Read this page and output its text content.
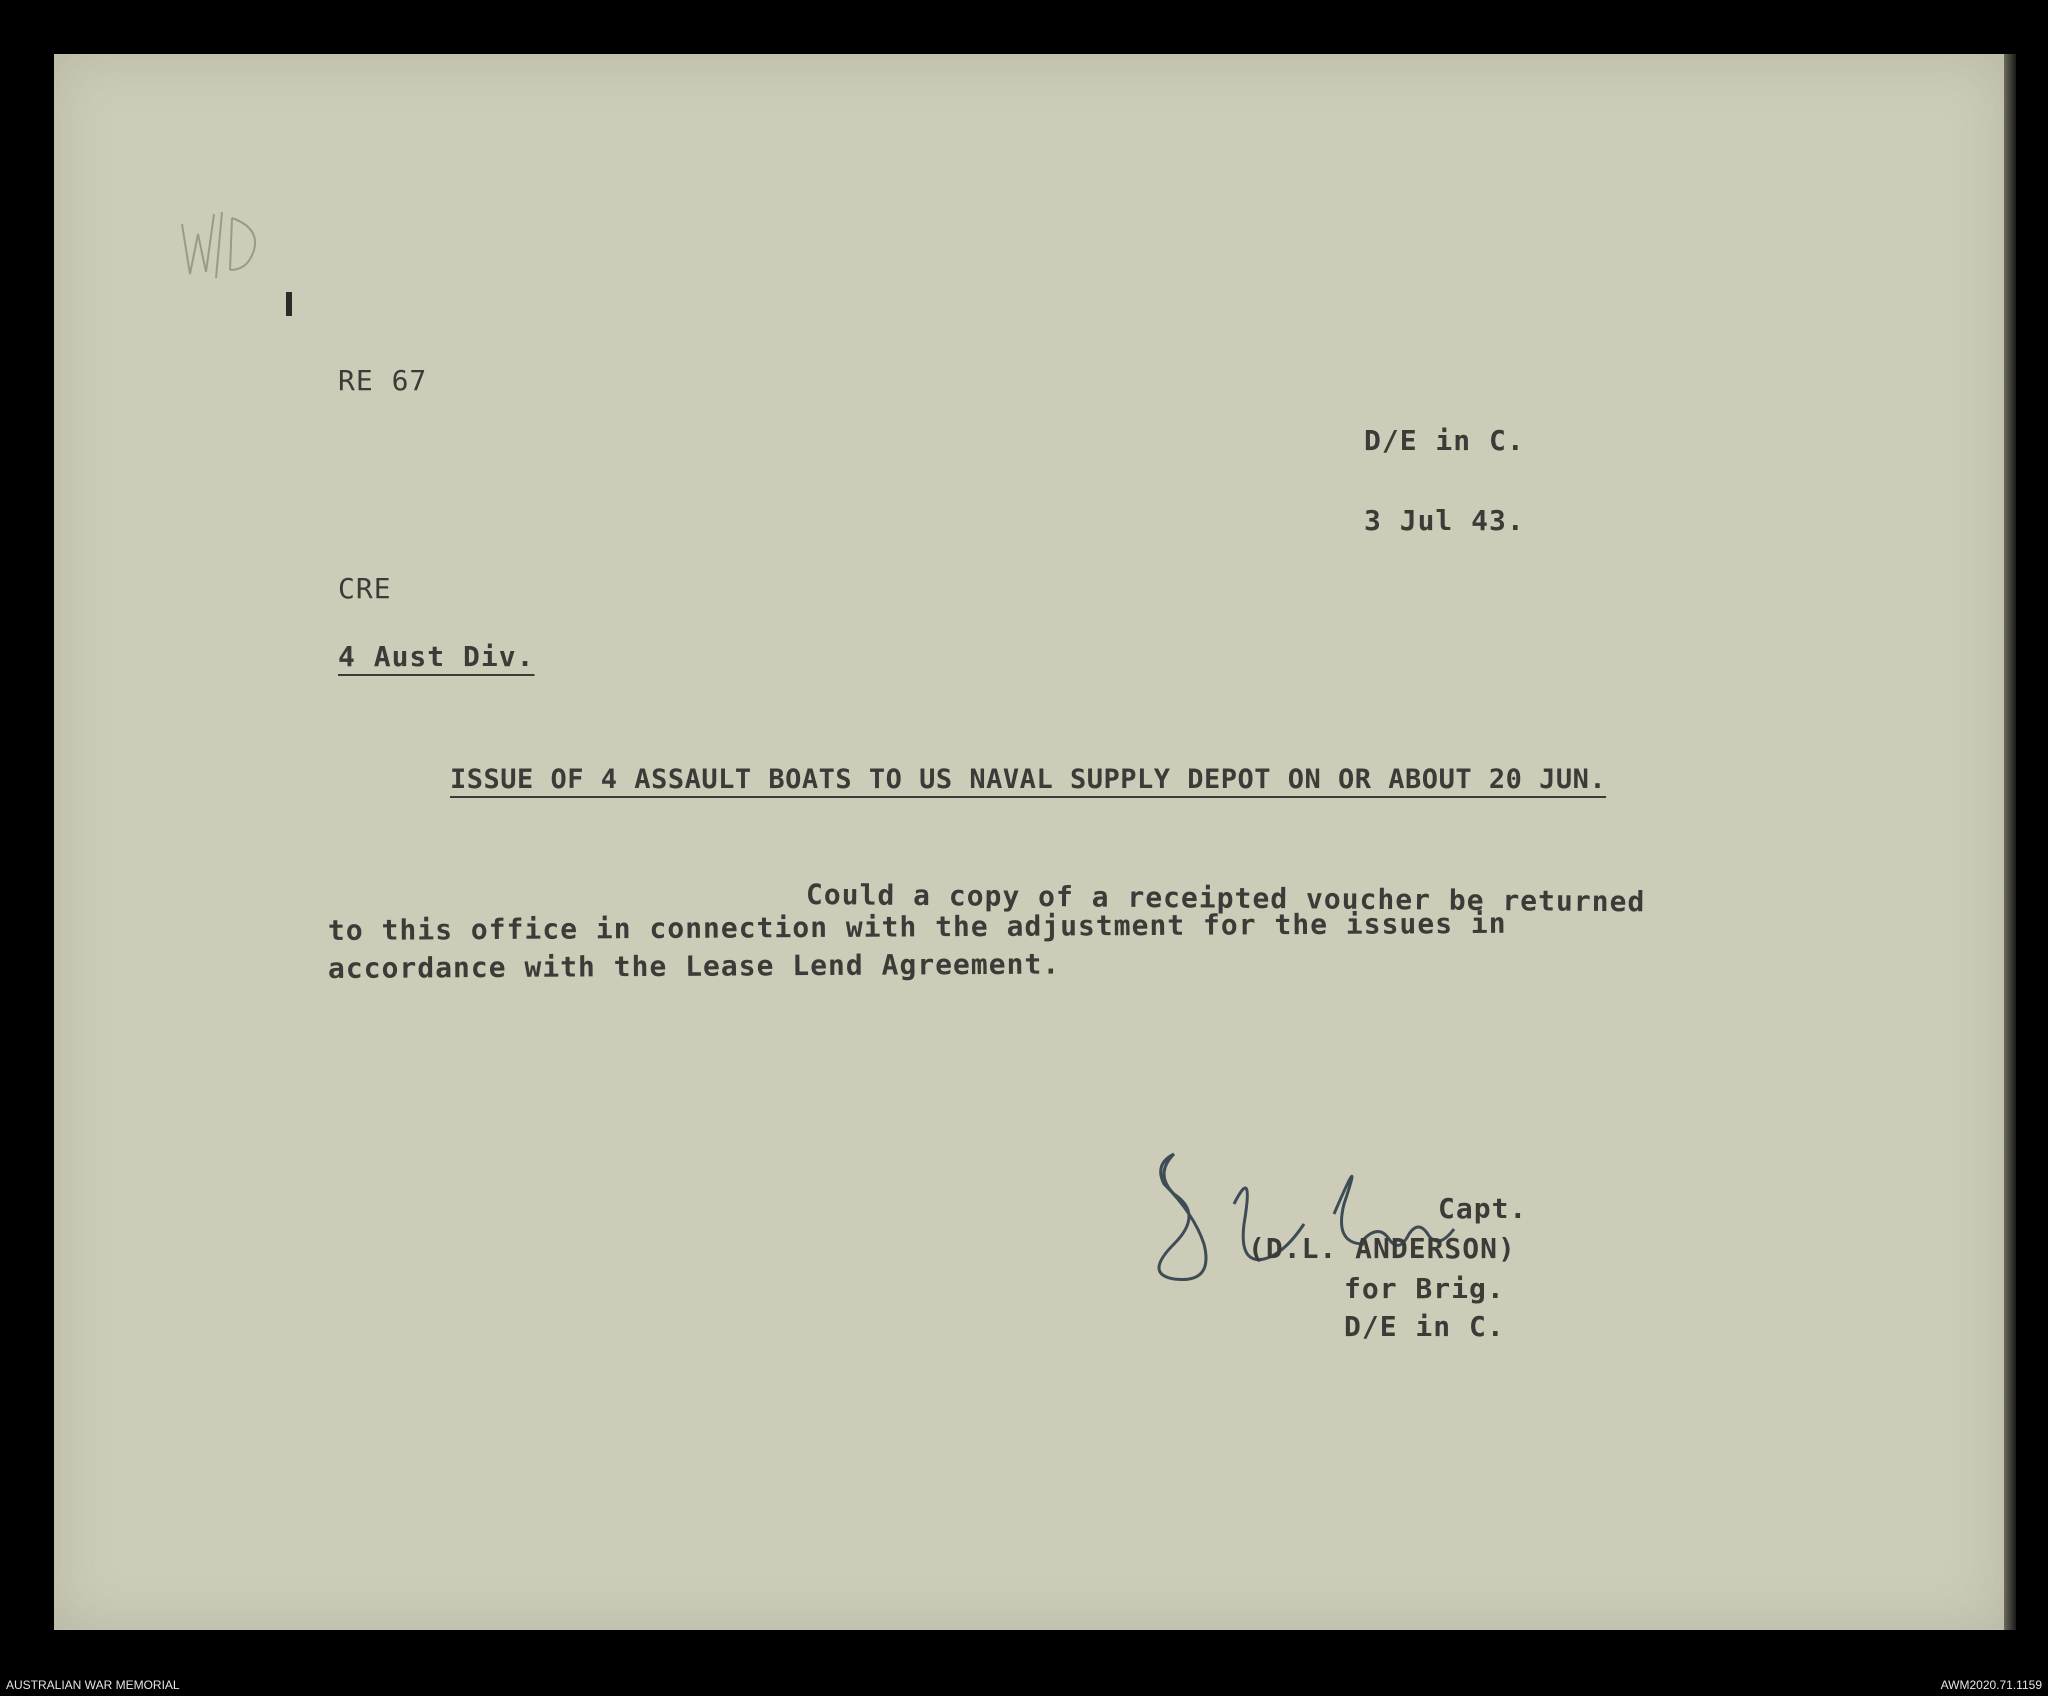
RE 67
D/E in C.
3 Jul 43.
CRE
4 Aust Div.
ISSUE OF 4 ASSAULT BOATS TO US NAVAL SUPPLY DEPOT ON OR ABOUT 20 JUN.
Could a copy of a receipted voucher be returned
to this office in connection with the adjustment for the issues in
accordance with the Lease Lend Agreement.
Capt.
(D.L. ANDERSON)
for Brig.
D/E in C.
AUSTRALIAN WAR MEMORIAL	AWM2020.71.1159
